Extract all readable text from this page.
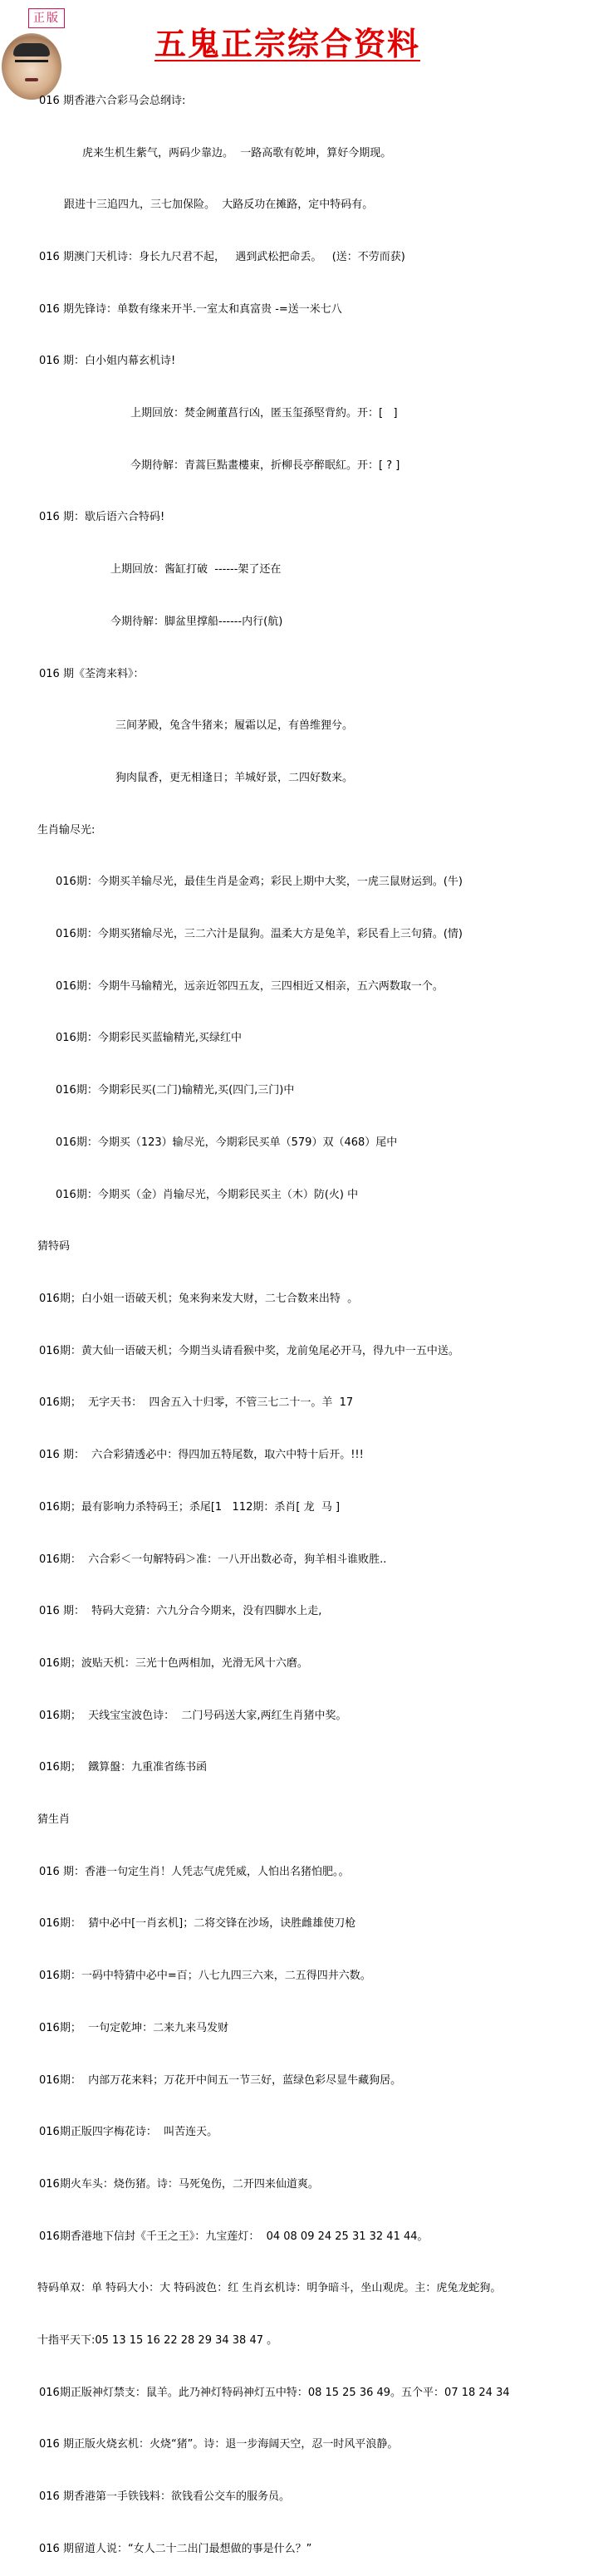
正版
五鬼正宗综合资料

016 期香港六合彩马会总纲诗:

虎来生机生紫气，两码少靠边。  一路高歌有乾坤，算好今期现。

跟进十三追四九，三七加保险。  大路反功在摊路，定中特码有。

016 期澳门天机诗：身长九尺君不起，   遇到武松把命丢。   (送：不劳而获)

016 期先锋诗：单数有缘来开半.一室太和真富贵 -=送一米七八

016 期：白小姐内幕玄机诗!

上期回放：焚金阙董菖行凶，匿玉玺孫堅背約。开：[   ]

今期待解：青蒿巨點畫樓東，折柳長亭醉眠紅。开：[ ? ]

016 期：歇后语六合特码!

上期回放：酱缸打破  ------架了还在

今期待解：脚盆里撑船------内行(航)

016 期《荃湾来料》：

三间茅殿，兔含牛猪来；履霜以足，有兽维狸兮。

狗肉鼠香，更无相逢日；羊城好景，二四好数来。

生肖输尽光:

016期：今期买羊输尽光，最佳生肖是金鸡；彩民上期中大奖，一虎三鼠财运到。(牛)

016期：今期买猪输尽光，三二六汁是鼠狗。温柔大方是兔羊，彩民看上三句猜。(情)

016期：今期牛马输精光，远亲近邻四五友，三四相近又相亲，五六两数取一个。

016期：今期彩民买蓝输精光,买绿红中

016期：今期彩民买(二门)输精光,买(四门,三门)中

016期：今期买（123）输尽光，今期彩民买单（579）双（468）尾中

016期：今期买（金）肖输尽光，今期彩民买主（木）防(火) 中

猜特码

016期；白小姐一语破天机；兔来狗来发大财，二七合数来出特  。

016期：黄大仙一语破天机；今期当头请看猴中奖，龙前兔尾必开马，得九中一五中送。

016期；  无字天书：  四舍五入十归零，不管三七二十一。羊  17

016 期：  六合彩猜透必中：得四加五特尾数，取六中特十后开。!!!

016期；最有影响力杀特码王；杀尾[1   112期：杀肖[ 龙  马 ]

016期：  六合彩＜一句解特码＞准：一八开出数必奇，狗羊相斗谁败胜..

016 期：  特码大竞猜：六九分合今期来，没有四脚水上走,

016期；波贴天机：三光十色两相加，光滑无风十六磨。

016期；  天线宝宝波色诗：  二门号码送大家,两红生肖猪中奖。

016期；  鐵算盤：九重准省练书函

猜生肖

016 期：香港一句定生肖！人凭志气虎凭威，人怕出名猪怕肥。。

016期：  猜中必中[一肖玄机]；二将交锋在沙场，诀胜雌雄使刀枪

016期：一码中特猜中必中=百；八七九四三六来，二五得四井六数。

016期；  一句定乾坤：二来九来马发财

016期：  内部万花来料；万花开中间五一节三好，蓝绿色彩尽显牛藏狗居。

016期正版四字梅花诗：  叫苦连天。

016期火车头：烧伤猪。诗：马死兔伤，二开四来仙道爽。

016期香港地下信封《千王之王》：九宝莲灯：  04 08 09 24 25 31 32 41 44。

特码单双：单 特码大小：大 特码波色：红 生肖玄机诗：明争暗斗，坐山观虎。主：虎兔龙蛇狗。

十指平天下:05 13 15 16 22 28 29 34 38 47 。

016期正版神灯禁支：鼠羊。此乃神灯特码神灯五中特：08 15 25 36 49。五个平：07 18 24 34

016 期正版火烧玄机：火烧“猪”。诗：退一步海阔天空，忍一时风平浪静。

016 期香港第一手铁钱料：欲钱看公交车的服务员。

016 期留道人说：“女人二十二出门最想做的事是什么？”
